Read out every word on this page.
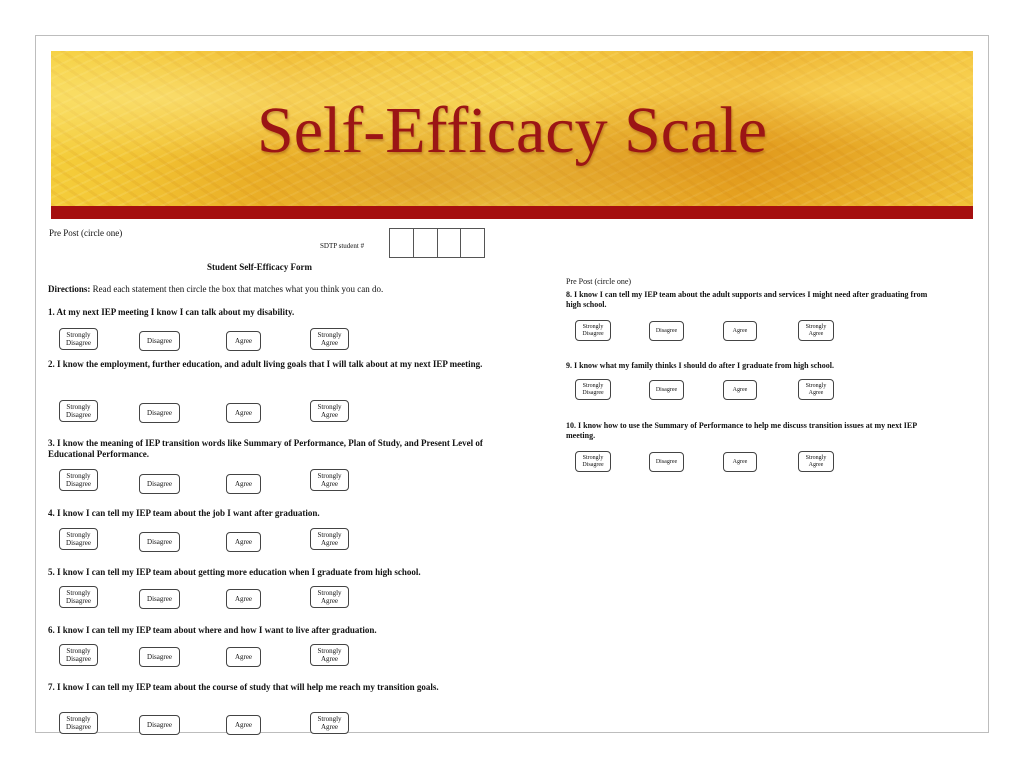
Self-Efficacy Scale
Pre Post (circle one)
SDTP student #
Student Self-Efficacy Form
Directions: Read each statement then circle the box that matches what you think you can do.
1. At my next IEP meeting I know I can talk about my disability.
Strongly
Disagree	Disagree	Agree
Strongly
Agree
2. I know the employment, further education, and adult living goals that I will talk about at my next IEP meeting.
Strongly
Disagree	Disagree	Agree
Strongly
Agree
3. I know the meaning of IEP transition words like Summary of Performance, Plan of Study, and Present Level of Educational Performance.
Strongly
Disagree	Disagree	Agree
Strongly
Agree
4. I know I can tell my IEP team about the job I want after graduation.
Strongly
Disagree	Disagree	Agree
Strongly
Agree
5. I know I can tell my IEP team about getting more education when I graduate from high school.
Strongly
Disagree	Disagree	Agree
Strongly
Agree
6. I know I can tell my IEP team about where and how I want to live after graduation.
Strongly
Disagree	Disagree	Agree
Strongly
Agree
7. I know I can tell my IEP team about the course of study that will help me reach my transition goals.
Strongly
Disagree	Disagree	Agree
Strongly
Agree
Pre Post (circle one)
8. I know I can tell my IEP team about the adult supports and services I might need after graduating from high school.
Strongly
Disagree	Disagree	Agree
Strongly
Agree
9. I know what my family thinks I should do after I graduate from high school.
Strongly
Disagree	Disagree	Agree
Strongly
Agree
10. I know how to use the Summary of Performance to help me discuss transition issues at my next IEP meeting.
Strongly
Disagree	Disagree	Agree
Strongly
Agree
